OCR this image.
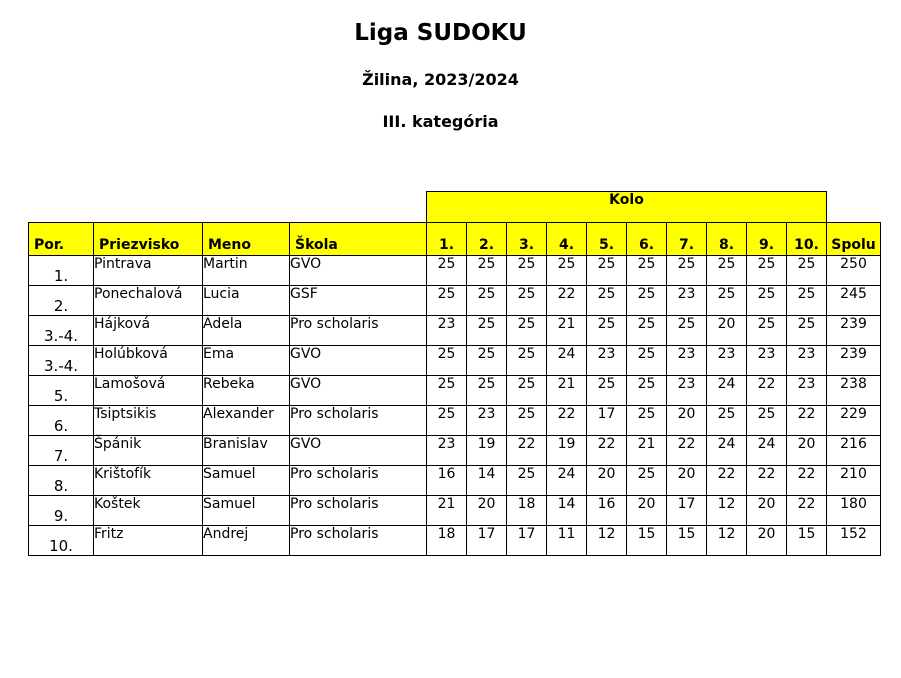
Liga SUDOKU
Žilina, 2023/2024
III. kategória
				Kolo										
Por.	Priezvisko	Meno	Škola	1.	2.	3.	4.	5.	6.	7.	8.	9.	10.	Spolu
1.	Pintrava	Martin	GVO	25	25	25	25	25	25	25	25	25	25	250
2.	Ponechalová	Lucia	GSF	25	25	25	22	25	25	23	25	25	25	245
3.-4.	Hájková	Adela	Pro scholaris	23	25	25	21	25	25	25	20	25	25	239
3.-4.	Holúbková	Ema	GVO	25	25	25	24	23	25	23	23	23	23	239
5.	Lamošová	Rebeka	GVO	25	25	25	21	25	25	23	24	22	23	238
6.	Tsiptsikis	Alexander	Pro scholaris	25	23	25	22	17	25	20	25	25	22	229
7.	Špánik	Branislav	GVO	23	19	22	19	22	21	22	24	24	20	216
8.	Krištofík	Samuel	Pro scholaris	16	14	25	24	20	25	20	22	22	22	210
9.	Koštek	Samuel	Pro scholaris	21	20	18	14	16	20	17	12	20	22	180
10.	Fritz	Andrej	Pro scholaris	18	17	17	11	12	15	15	12	20	15	152
